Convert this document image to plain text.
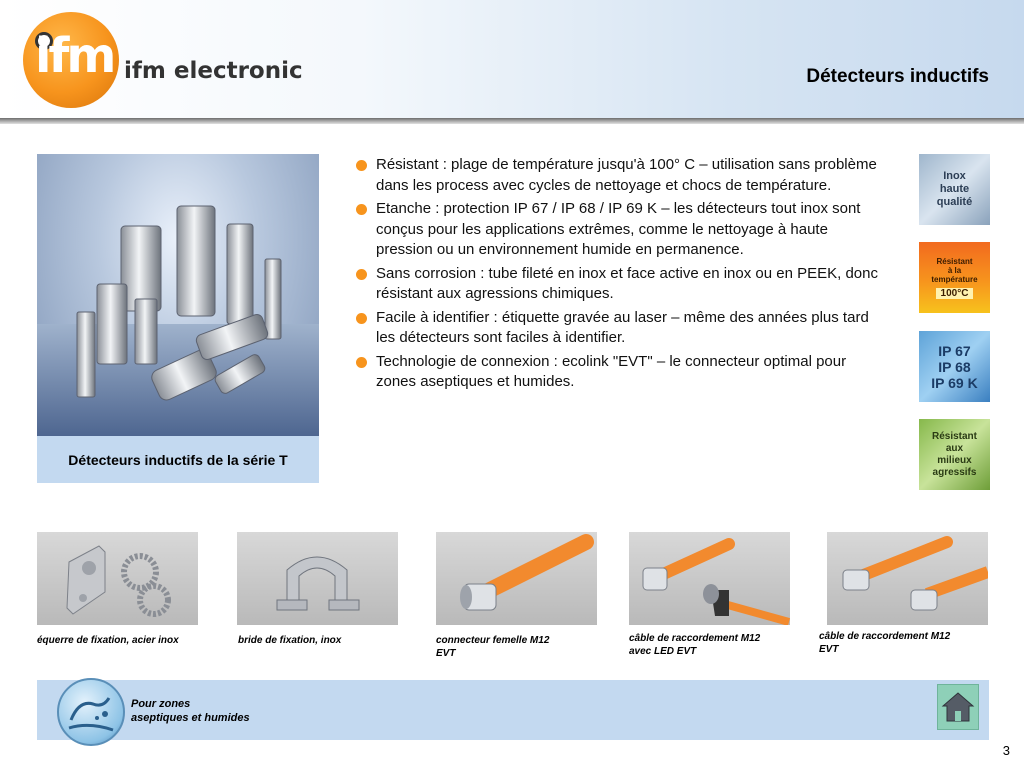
ifm ifm electronic	Détecteurs inductifs
Détecteurs inductifs de la série T
Résistant : plage de température jusqu'à 100° C – utilisation sans problème dans les process avec cycles de nettoyage et chocs de température.
Etanche : protection IP 67 / IP 68 / IP 69 K – les détecteurs tout inox sont conçus pour les applications extrêmes, comme le nettoyage à haute pression ou un environnement humide en permanence.
Sans corrosion : tube fileté en inox et face active en inox ou en PEEK, donc résistant aux agressions chimiques.
Facile à identifier : étiquette gravée au laser – même des années plus tard les détecteurs sont faciles à identifier.
Technologie de connexion : ecolink "EVT" – le connecteur optimal pour zones aseptiques et humides.
Inox
haute
qualité
Résistant
à la
température
100°C
IP 67
IP 68
IP 69 K
Résistant
aux
milieux
agressifs
équerre de fixation, acier inox	bride de fixation, inox	connecteur femelle M12
EVT
câble de raccordement M12
avec LED EVT
câble de raccordement M12
EVT
Pour zones
aseptiques et humides
3
